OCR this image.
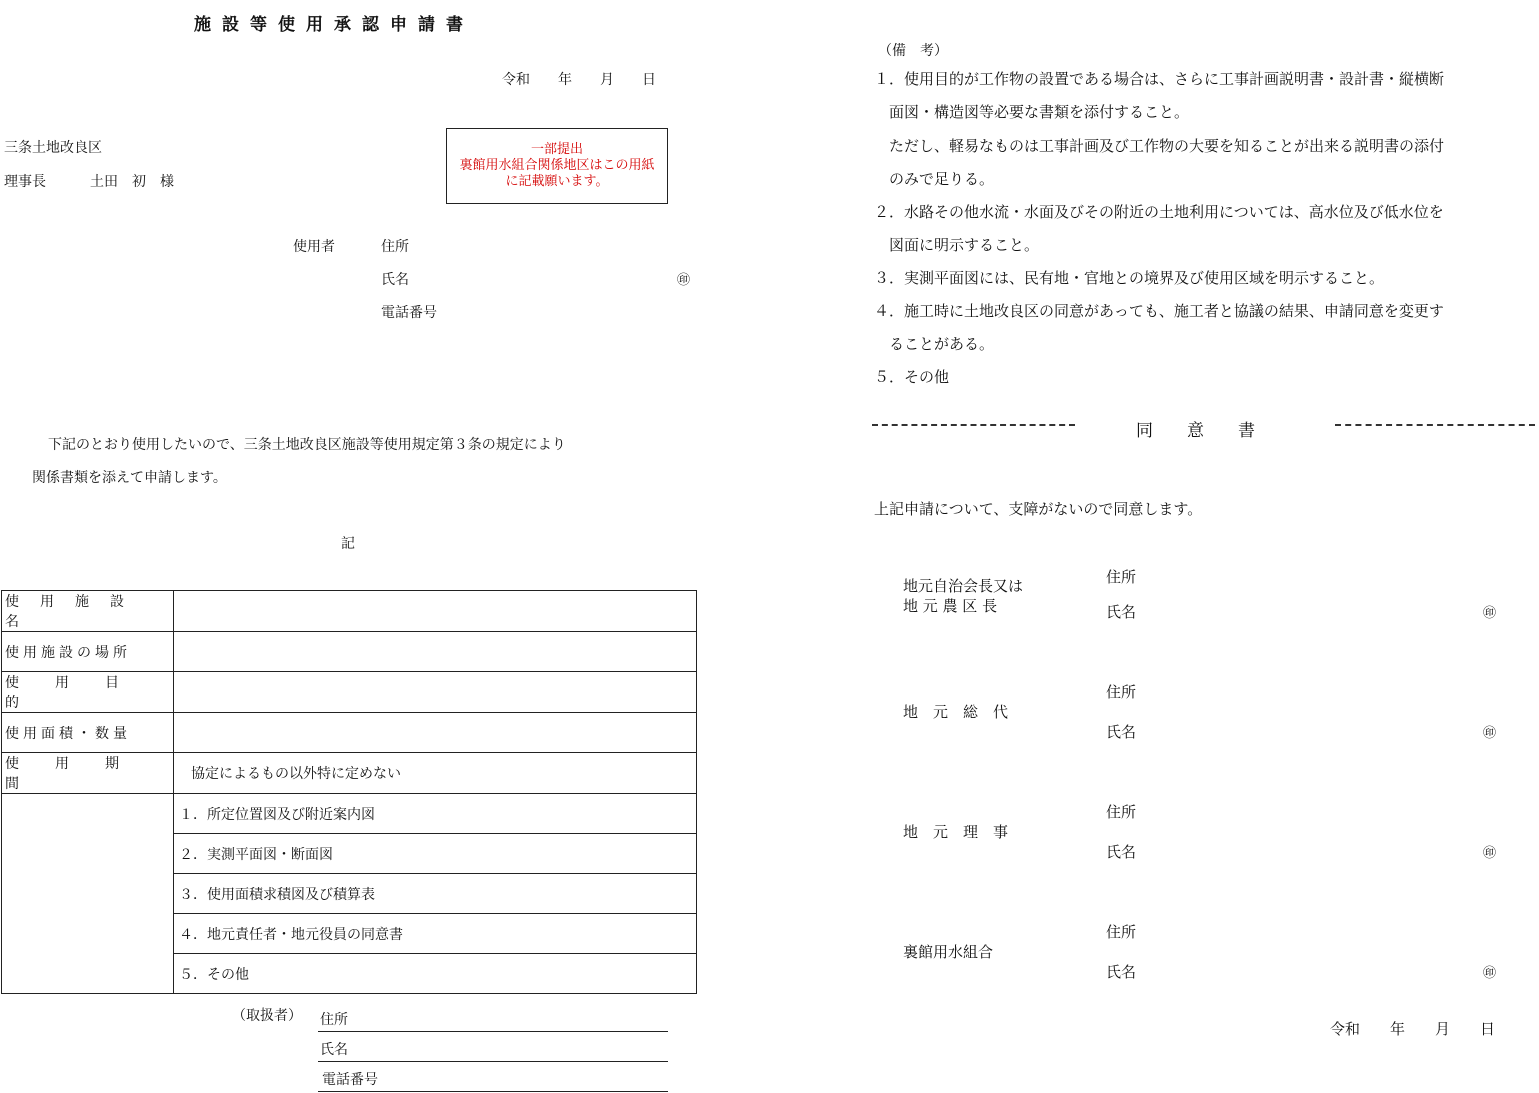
施設等使用承認申請書
令和　　年　　月　　日
三条土地改良区
理事長	土田　初　様
一部提出
裏館用水組合関係地区はこの用紙
に記載願います。
使用者	住所
氏名	㊞
電話番号
下記のとおり使用したいので、三条土地改良区施設等使用規定第３条の規定により
関係書類を添えて申請します。
記
使用施設名	
使用施設の場所	
使用目的	
使用面積・数量	
使用期間	協定によるもの以外特に定めない
	１．所定位置図及び附近案内図
	２．実測平面図・断面図
	３．使用面積求積図及び積算表
	４．地元責任者・地元役員の同意書
	５．その他
（取扱者） 住所
氏名
電話番号
（備　考）
１．使用目的が工作物の設置である場合は、さらに工事計画説明書・設計書・縦横断
　面図・構造図等必要な書類を添付すること。
　ただし、軽易なものは工事計画及び工作物の大要を知ることが出来る説明書の添付
　のみで足りる。
２．水路その他水流・水面及びその附近の土地利用については、高水位及び低水位を
　図面に明示すること。
３．実測平面図には、民有地・官地との境界及び使用区域を明示すること。
４．施工時に土地改良区の同意があっても、施工者と協議の結果、申請同意を変更す
　ることがある。
５．その他
同　　意　　書
上記申請について、支障がないので同意します。
地元自治会長又は
地 元 農 区 長
住所
氏名	㊞
地　元　総　代
住所
氏名	㊞
地　元　理　事
住所
氏名	㊞
裏館用水組合
住所
氏名	㊞
令和　　年　　月　　日
